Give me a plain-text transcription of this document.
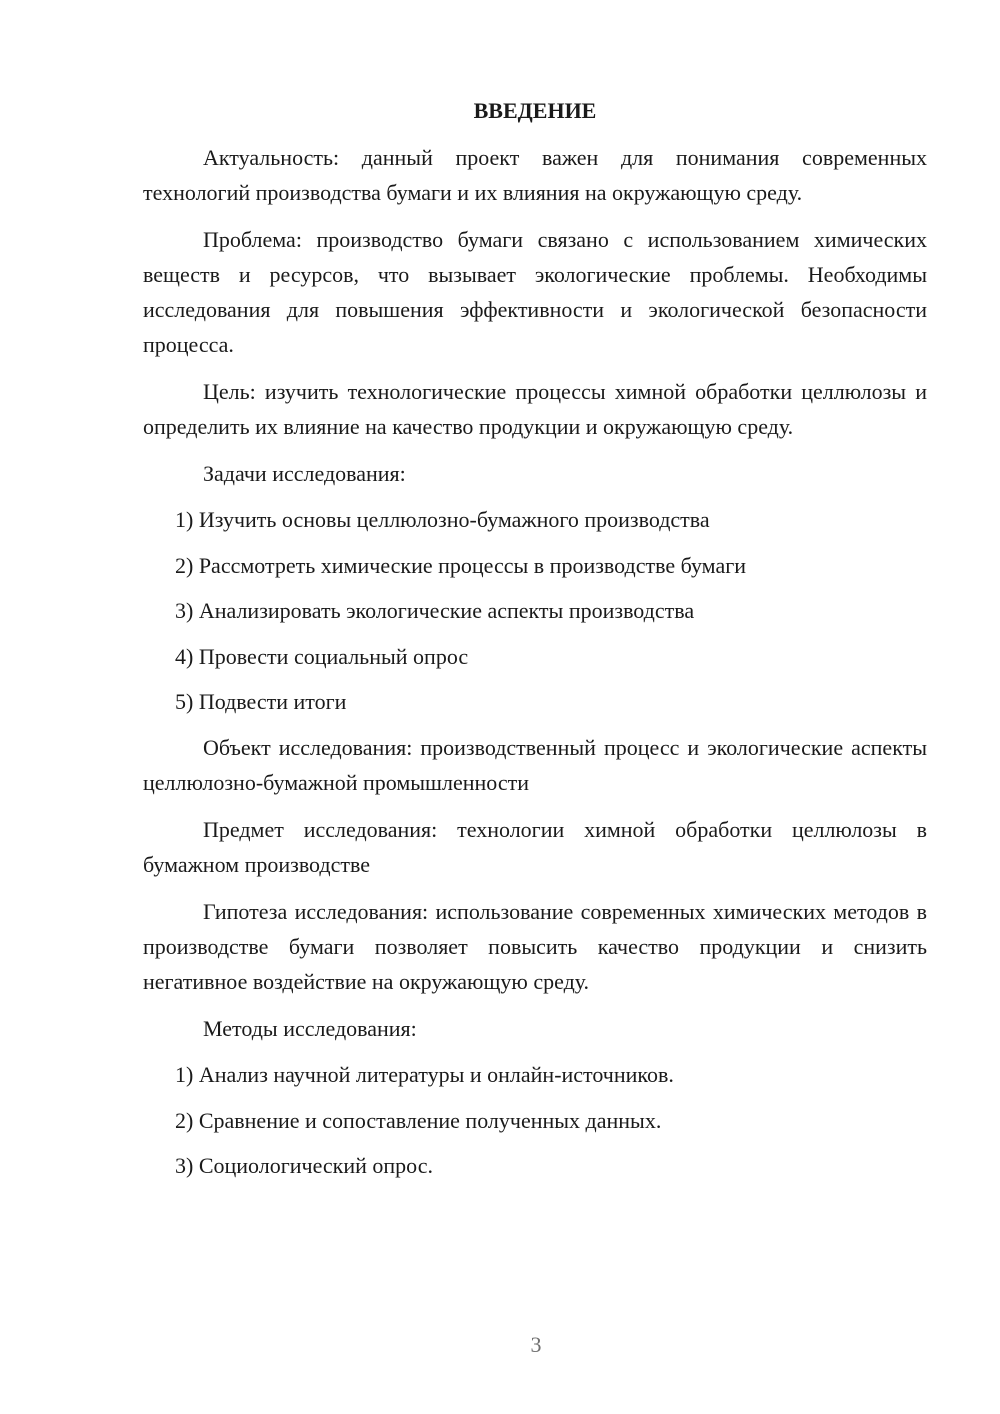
ВВЕДЕНИЕ

Актуальность: данный проект важен для понимания современных технологий производства бумаги и их влияния на окружающую среду.

Проблема: производство бумаги связано с использованием химических веществ и ресурсов, что вызывает экологические проблемы. Необходимы исследования для повышения эффективности и экологической безопасности процесса.

Цель: изучить технологические процессы химной обработки целлюлозы и определить их влияние на качество продукции и окружающую среду.

Задачи исследования:

1) Изучить основы целлюлозно-бумажного производства
2) Рассмотреть химические процессы в производстве бумаги
3) Анализировать экологические аспекты производства
4) Провести социальный опрос
5) Подвести итоги

Объект исследования: производственный процесс и экологические аспекты целлюлозно-бумажной промышленности

Предмет исследования: технологии химной обработки целлюлозы в бумажном производстве

Гипотеза исследования: использование современных химических методов в производстве бумаги позволяет повысить качество продукции и снизить негативное воздействие на окружающую среду.

Методы исследования:

1) Анализ научной литературы и онлайн-источников.
2) Сравнение и сопоставление полученных данных.
3) Социологический опрос.
3
